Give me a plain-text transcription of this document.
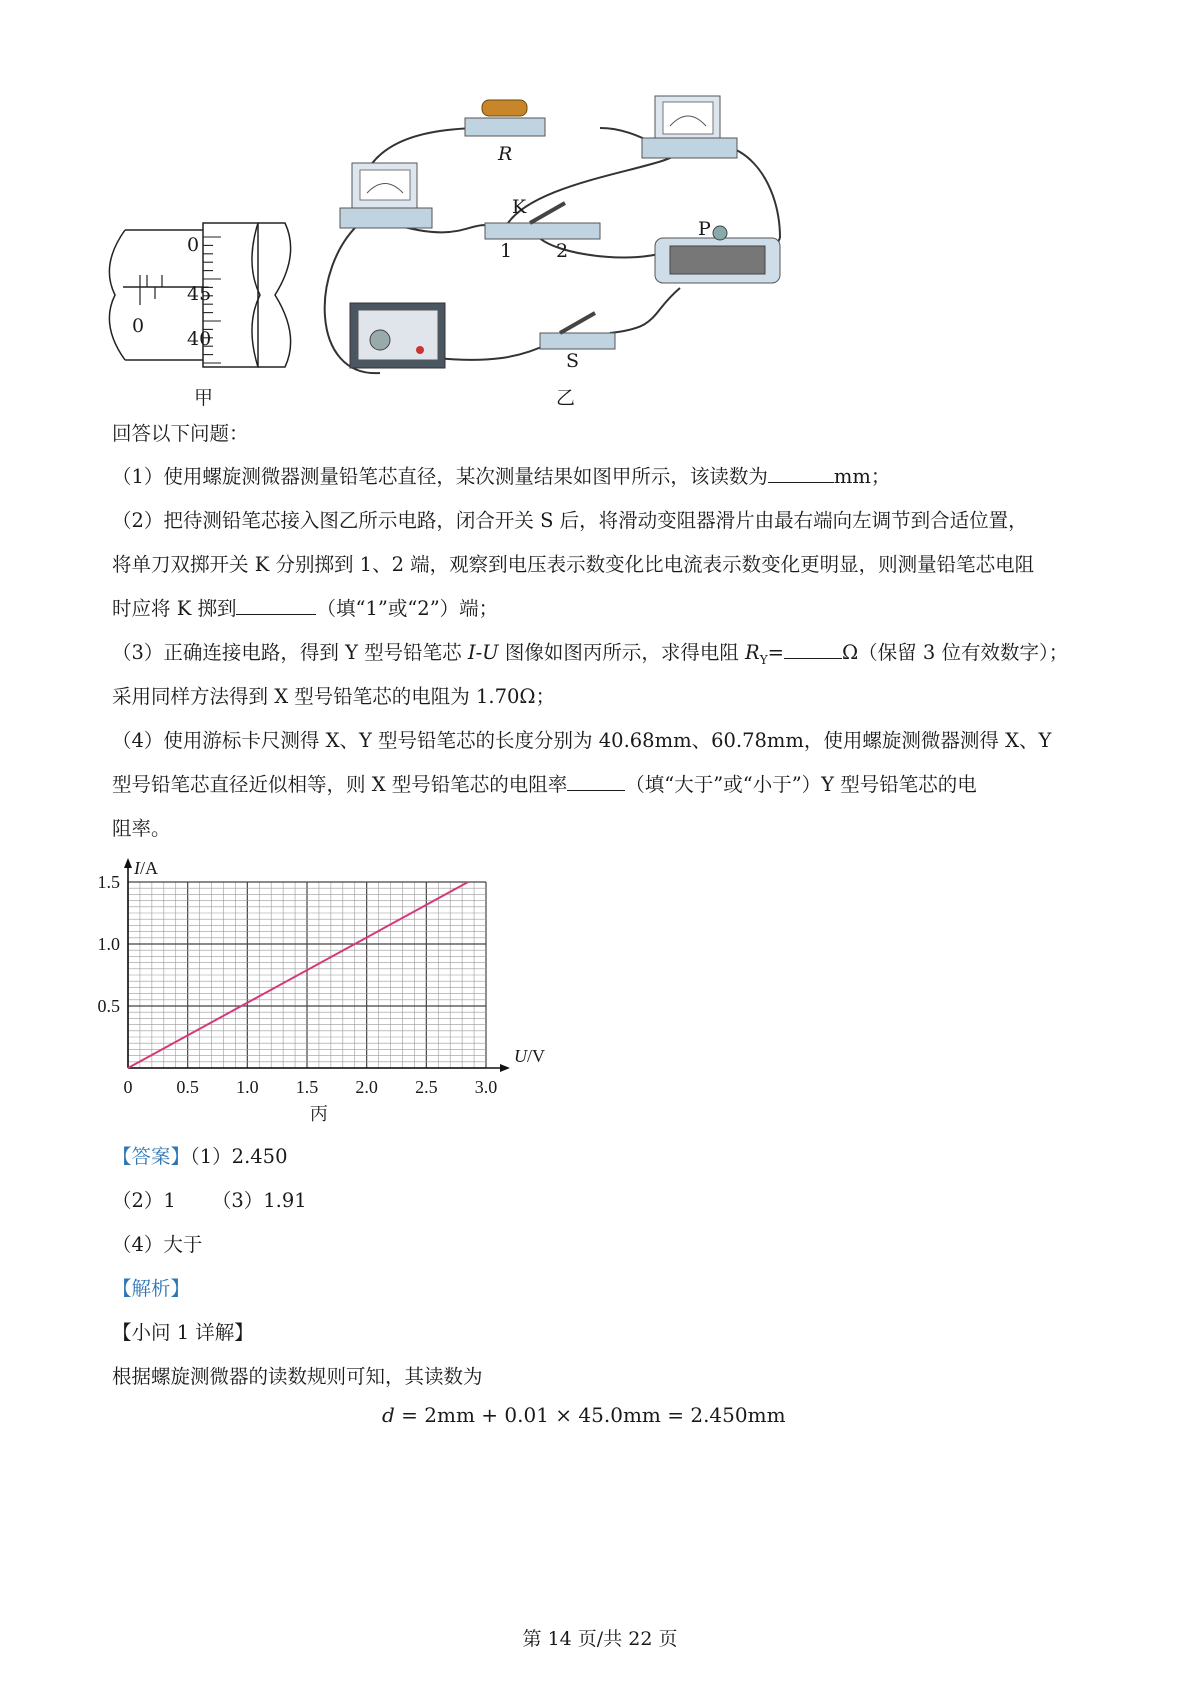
0
45
40
0
甲
R
K
1 2
P
S
乙
回答以下问题：
（1）使用螺旋测微器测量铅笔芯直径，某次测量结果如图甲所示，该读数为	mm；
（2）把待测铅笔芯接入图乙所示电路，闭合开关 S 后，将滑动变阻器滑片由最右端向左调节到合适位置，
将单刀双掷开关 K 分别掷到 1、2 端，观察到电压表示数变化比电流表示数变化更明显，则测量铅笔芯电阻
时应将 K 掷到	（填“1”或“2”）端；
（3）正确连接电路，得到 Y 型号铅笔芯 I-U 图像如图丙所示，求得电阻 $R_Y=$	Ω（保留 3 位有效数字）；
采用同样方法得到 X 型号铅笔芯的电阻为 1.70Ω；
（4）使用游标卡尺测得 X、Y 型号铅笔芯的长度分别为 40.68mm、60.78mm，使用螺旋测微器测得 X、Y
型号铅笔芯直径近似相等，则 X 型号铅笔芯的电阻率	（填“大于”或“小于”）Y 型号铅笔芯的电
阻率。
0 0.5 1.0 1.5 2.0 2.5 3.0
0.5
1.0
1.5
I/A
U/V
丙
【答案】（1）2.450
（2）1 （3）1.91
（4）大于
【解析】
【小问 1 详解】
根据螺旋测微器的读数规则可知，其读数为
d = 2mm + 0.01 × 45.0mm = 2.450mm
第 14 页/共 22 页
